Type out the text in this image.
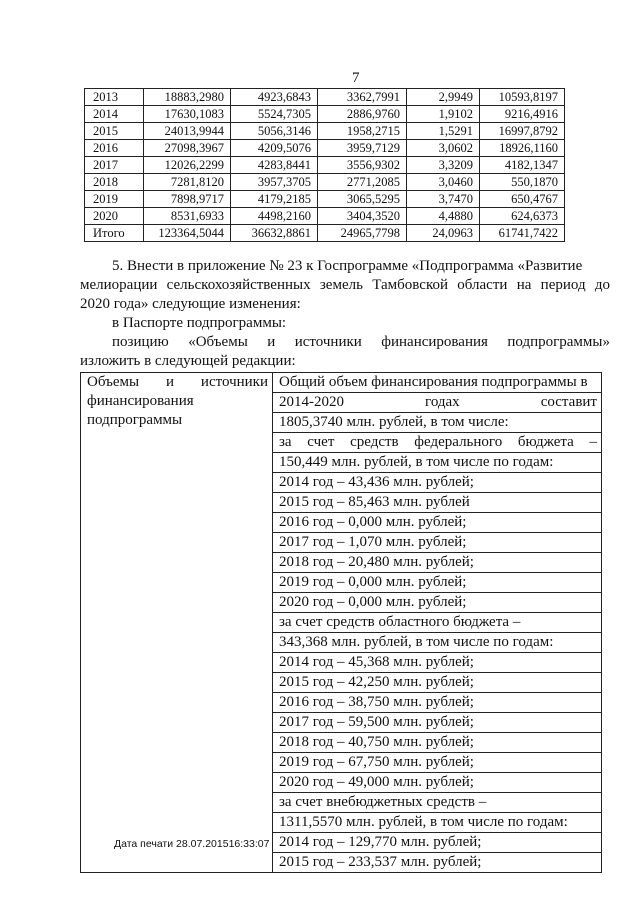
7
2013	18883,2980	4923,6843	3362,7991	2,9949	10593,8197
2014	17630,1083	5524,7305	2886,9760	1,9102	9216,4916
2015	24013,9944	5056,3146	1958,2715	1,5291	16997,8792
2016	27098,3967	4209,5076	3959,7129	3,0602	18926,1160
2017	12026,2299	4283,8441	3556,9302	3,3209	4182,1347
2018	7281,8120	3957,3705	2771,2085	3,0460	550,1870
2019	7898,9717	4179,2185	3065,5295	3,7470	650,4767
2020	8531,6933	4498,2160	3404,3520	4,4880	624,6373
Итого	123364,5044	36632,8861	24965,7798	24,0963	61741,7422

5. Внести в приложение № 23 к Госпрограмме «Подпрограмма «Развитие

мелиорации сельскохозяйственных земель Тамбовской области на период до

2020 года» следующие изменения:

в Паспорте подпрограммы:

позицию «Объемы и источники финансирования подпрограммы»

изложить в следующей редакции:

Объемы и источники
финансирования
подпрограммы

Общий объем финансирования подпрограммы в
2014-2020 годах составит
1805,3740 млн. рублей, в том числе:
за счет средств федерального бюджета –
150,449 млн. рублей, в том числе по годам:
2014 год – 43,436 млн. рублей;
2015 год – 85,463 млн. рублей
2016 год – 0,000 млн. рублей;
2017 год – 1,070 млн. рублей;
2018 год – 20,480 млн. рублей;
2019 год – 0,000 млн. рублей;
2020 год – 0,000 млн. рублей;
за счет средств областного бюджета –
343,368 млн. рублей, в том числе по годам:
2014 год – 45,368 млн. рублей;
2015 год – 42,250 млн. рублей;
2016 год – 38,750 млн. рублей;
2017 год – 59,500 млн. рублей;
2018 год – 40,750 млн. рублей;
2019 год – 67,750 млн. рублей;
2020 год – 49,000 млн. рублей;
за счет внебюджетных средств –
1311,5570 млн. рублей, в том числе по годам:
2014 год – 129,770 млн. рублей;
2015 год – 233,537 млн. рублей;
Дата печати 28.07.201516:33:07
